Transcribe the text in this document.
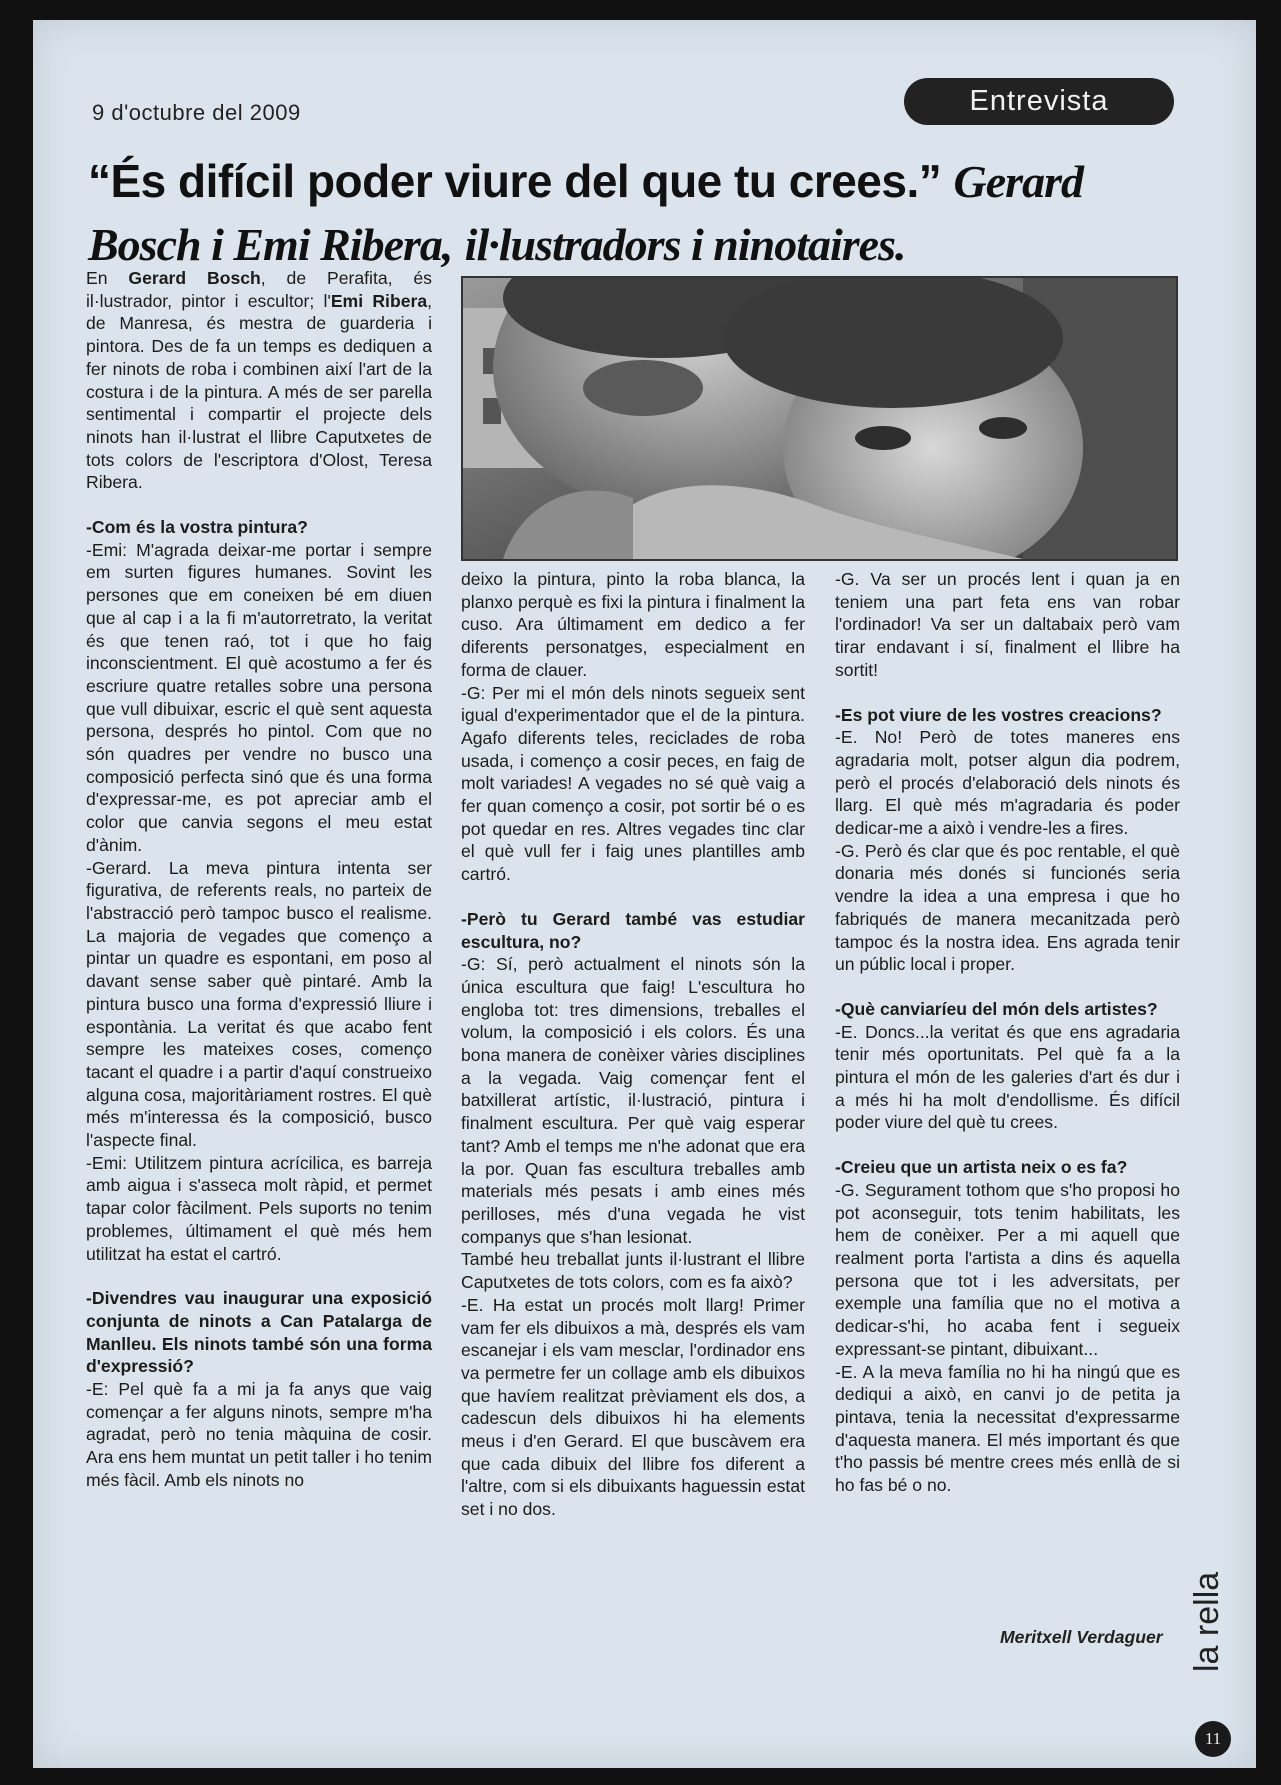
9 d'octubre del 2009	Entrevista
“És difícil poder viure del que tu crees.” Gerard Bosch i Emi Ribera, il·lustradors i ninotaires.

En Gerard Bosch, de Perafita, és il·lustrador, pintor i escultor; l'Emi Ribera, de Manresa, és mestra de guarderia i pintora. Des de fa un temps es dediquen a fer ninots de roba i combinen així l'art de la costura i de la pintura. A més de ser parella sentimental i compartir el projecte dels ninots han il·lustrat el llibre Caputxetes de tots colors de l'escriptora d'Olost, Teresa Ribera.

-Com és la vostra pintura?

-Emi: M'agrada deixar-me portar i sempre em surten figures humanes. Sovint les persones que em coneixen bé em diuen que al cap i a la fi m'autorretrato, la veritat és que tenen raó, tot i que ho faig inconscientment. El què acostumo a fer és escriure quatre retalles sobre una persona que vull dibuixar, escric el què sent aquesta persona, després ho pintol. Com que no són quadres per vendre no busco una composició perfecta sinó que és una forma d'expressar-me, es pot apreciar amb el color que canvia segons el meu estat d'ànim.

-Gerard. La meva pintura intenta ser figurativa, de referents reals, no parteix de l'abstracció però tampoc busco el realisme. La majoria de vegades que començo a pintar un quadre es espontani, em poso al davant sense saber què pintaré. Amb la pintura busco una forma d'expressió lliure i espontània. La veritat és que acabo fent sempre les mateixes coses, començo tacant el quadre i a partir d'aquí construeixo alguna cosa, majoritàriament rostres. El què més m'interessa és la composició, busco l'aspecte final.

-Emi: Utilitzem pintura acrícilica, es barreja amb aigua i s'asseca molt ràpid, et permet tapar color fàcilment. Pels suports no tenim problemes, últimament el què més hem utilitzat ha estat el cartró.

-Divendres vau inaugurar una exposició conjunta de ninots a Can Patalarga de Manlleu. Els ninots també són una forma d'expressió?

-E: Pel què fa a mi ja fa anys que vaig començar a fer alguns ninots, sempre m'ha agradat, però no tenia màquina de cosir. Ara ens hem muntat un petit taller i ho tenim més fàcil. Amb els ninots no

deixo la pintura, pinto la roba blanca, la planxo perquè es fixi la pintura i finalment la cuso. Ara últimament em dedico a fer diferents personatges, especialment en forma de clauer.

-G: Per mi el món dels ninots segueix sent igual d'experimentador que el de la pintura. Agafo diferents teles, reciclades de roba usada, i començo a cosir peces, en faig de molt variades! A vegades no sé què vaig a fer quan començo a cosir, pot sortir bé o es pot quedar en res. Altres vegades tinc clar el què vull fer i faig unes plantilles amb cartró.

-Però tu Gerard també vas estudiar escultura, no?

-G: Sí, però actualment el ninots són la única escultura que faig! L'escultura ho engloba tot: tres dimensions, treballes el volum, la composició i els colors. És una bona manera de conèixer vàries disciplines a la vegada. Vaig començar fent el batxillerat artístic, il·lustració, pintura i finalment escultura. Per què vaig esperar tant? Amb el temps me n'he adonat que era la por. Quan fas escultura treballes amb materials més pesats i amb eines més perilloses, més d'una vegada he vist companys que s'han lesionat.

També heu treballat junts il·lustrant el llibre Caputxetes de tots colors, com es fa això?

-E. Ha estat un procés molt llarg! Primer vam fer els dibuixos a mà, després els vam escanejar i els vam mesclar, l'ordinador ens va permetre fer un collage amb els dibuixos que havíem realitzat prèviament els dos, a cadescun dels dibuixos hi ha elements meus i d'en Gerard. El que buscàvem era que cada dibuix del llibre fos diferent a l'altre, com si els dibuixants haguessin estat set i no dos.

-G. Va ser un procés lent i quan ja en teniem una part feta ens van robar l'ordinador! Va ser un daltabaix però vam tirar endavant i sí, finalment el llibre ha sortit!

-Es pot viure de les vostres creacions?

-E. No! Però de totes maneres ens agradaria molt, potser algun dia podrem, però el procés d'elaboració dels ninots és llarg. El què més m'agradaria és poder dedicar-me a això i vendre-les a fires.

-G. Però és clar que és poc rentable, el què donaria més donés si funcionés seria vendre la idea a una empresa i que ho fabriqués de manera mecanitzada però tampoc és la nostra idea. Ens agrada tenir un públic local i proper.

-Què canviaríeu del món dels artistes?

-E. Doncs...la veritat és que ens agradaria tenir més oportunitats. Pel què fa a la pintura el món de les galeries d'art és dur i a més hi ha molt d'endollisme. És difícil poder viure del què tu crees.

-Creieu que un artista neix o es fa?

-G. Segurament tothom que s'ho proposi ho pot aconseguir, tots tenim habilitats, les hem de conèixer. Per a mi aquell que realment porta l'artista a dins és aquella persona que tot i les adversitats, per exemple una família que no el motiva a dedicar-s'hi, ho acaba fent i segueix expressant-se pintant, dibuixant...

-E. A la meva família no hi ha ningú que es dediqui a això, en canvi jo de petita ja pintava, tenia la necessitat d'expressarme d'aquesta manera. El més important és que t'ho passis bé mentre crees més enllà de si ho fas bé o no.

Meritxell Verdaguer la rella
11
